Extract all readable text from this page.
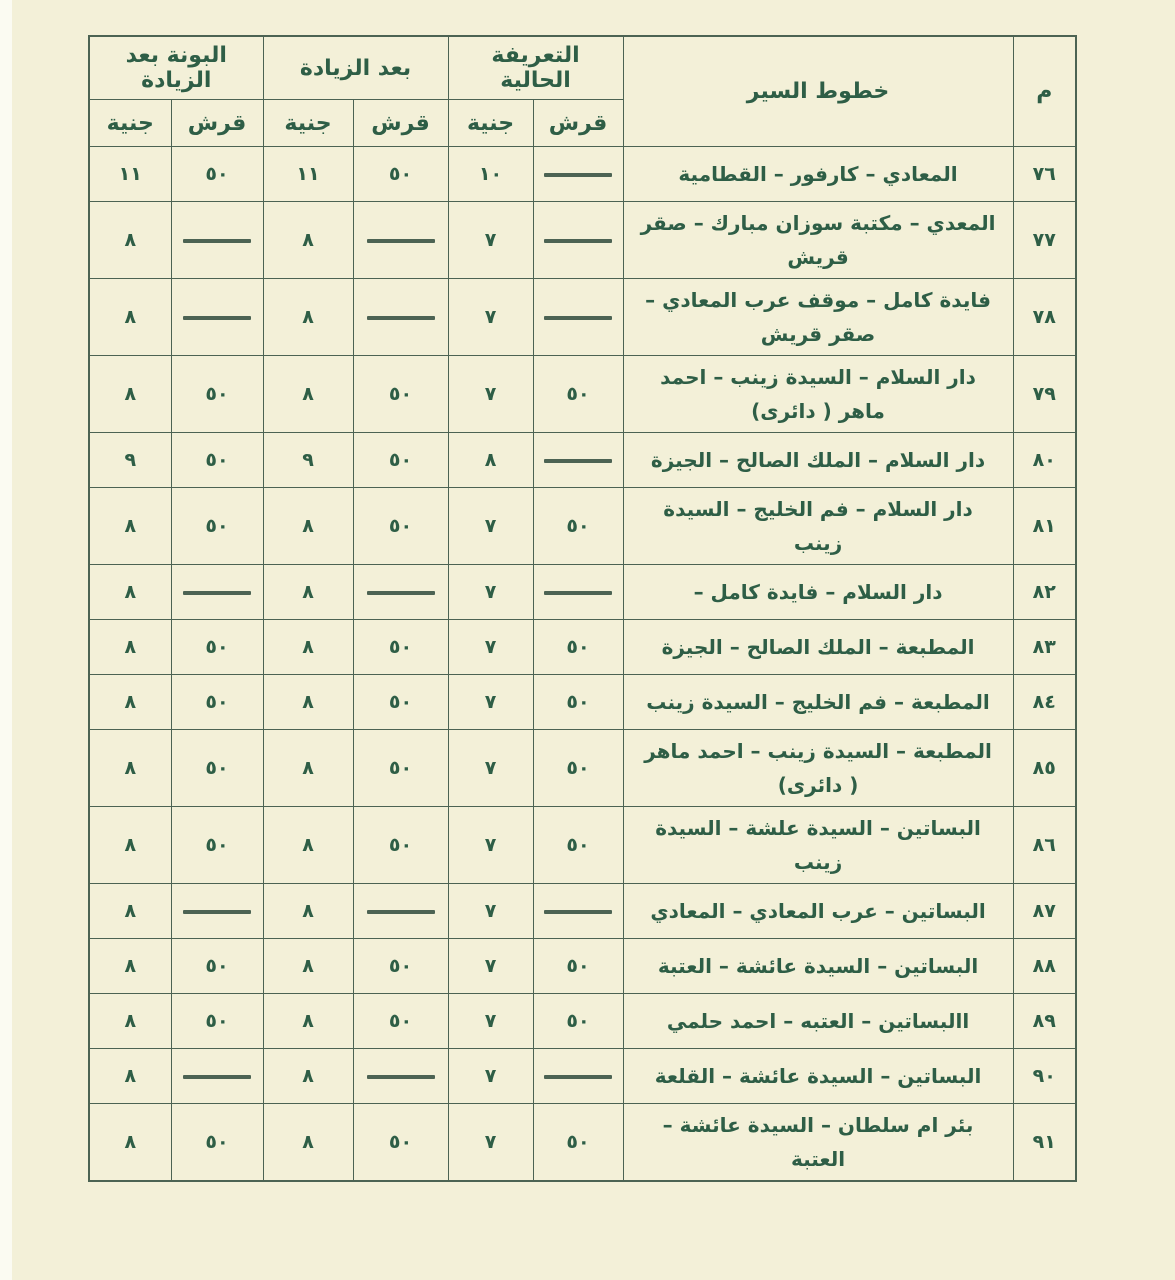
م	خطوط السير	التعريفة الحالية		بعد الزيادة		البونة بعد الزيادة	
		قرش	جنية	قرش	جنية	قرش	جنية
٧٦	المعادي – كارفور – القطامية		١٠	٥٠	١١	٥٠	١١
٧٧	المعدي – مكتبة سوزان مبارك – صقر قريش		٧		٨		٨
٧٨	فايدة كامل – موقف عرب المعادي – صقر قريش		٧		٨		٨
٧٩	دار السلام – السيدة زينب – احمد ماهر ( دائرى)	٥٠	٧	٥٠	٨	٥٠	٨
٨٠	دار السلام – الملك الصالح – الجيزة		٨	٥٠	٩	٥٠	٩
٨١	دار السلام – فم الخليج – السيدة زينب	٥٠	٧	٥٠	٨	٥٠	٨
٨٢	دار السلام – فايدة كامل –		٧		٨		٨
٨٣	المطبعة – الملك الصالح – الجيزة	٥٠	٧	٥٠	٨	٥٠	٨
٨٤	المطبعة – فم الخليج – السيدة زينب	٥٠	٧	٥٠	٨	٥٠	٨
٨٥	المطبعة – السيدة زينب – احمد ماهر ( دائرى)	٥٠	٧	٥٠	٨	٥٠	٨
٨٦	البساتين – السيدة علشة – السيدة زينب	٥٠	٧	٥٠	٨	٥٠	٨
٨٧	البساتين – عرب المعادي – المعادي		٧		٨		٨
٨٨	البساتين – السيدة عائشة – العتبة	٥٠	٧	٥٠	٨	٥٠	٨
٨٩	االبساتين – العتبه – احمد حلمي	٥٠	٧	٥٠	٨	٥٠	٨
٩٠	البساتين – السيدة عائشة – القلعة		٧		٨		٨
٩١	بئر ام سلطان – السيدة عائشة – العتبة	٥٠	٧	٥٠	٨	٥٠	٨
